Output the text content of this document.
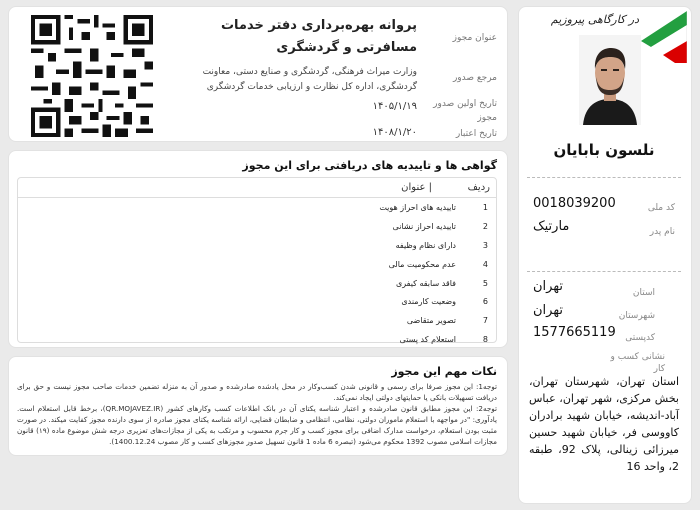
در کارگاهی پیروزیم
نلسون بابایان
کد ملی
0018039200
نام پدر
مارتیک
استان
تهران
شهرستان
تهران
کدپستی
1577665119
نشانی کسب و کار
استان تهران، شهرستان تهران، بخش مرکزی، شهر تهران، عباس آباد-اندیشه، خیابان شهید برادران کاووسی فر، خیابان شهید حسین میرزائی زینالی، پلاک 92، طبقه 2، واحد 16
عنوان مجوز
پروانه بهره‌برداری دفتر خدمات مسافرتی و گردشگری
مرجع صدور
وزارت میراث فرهنگی، گردشگری و صنایع دستی، معاونت گردشگری، اداره کل نظارت و ارزیابی خدمات گردشگری
تاریخ اولین صدور مجوز
۱۴۰۵/۱/۱۹
تاریخ اعتبار
۱۴۰۸/۱/۲۰
گواهی ها و تاییدیه های دریافتی برای این مجوز
ردیف
| عنوان
1
تاییدیه های احراز هویت
2
تاییدیه احراز نشانی
3
دارای نظام وظیفه
4
عدم محکومیت مالی
5
فاقد سابقه کیفری
6
وضعیت کارمندی
7
تصویر متقاضی
8
استعلام کد پستی
نکات مهم این مجوز

توجه1: این مجوز صرفا برای رسمی و قانونی شدن کسب‌‌و‌کار در محل یادشده صادرشده و صدور آن به منزله تضمین خدمات صاحب مجوز نیست و حق برای دریافت تسهیلات بانکی یا حمایتهای دولتی ایجاد نمی‌کند.

توجه2: این مجوز مطابق قانون صادرشده و اعتبار شناسه یکتای آن در بانک اطلاعات کسب وکارهای کشور (QR.MOJAVEZ.IR)، برخط قابل استعلام است. یادآوری: "در مواجهه با استعلام ماموران دولتی، نظامی، انتظامی و ضابطان قضایی، ارائه شناسه یکتای مجوز صادره از سوی دارنده مجوز کفایت میکند. در صورت مثبت بودن استعلام، درخواست مدارک اضافی برای مجوز کسب و کار جرم محسوب و مرتکب به یکی از مجازات‌های تعزیری درجه شش موضوع ماده (۱۹) قانون مجازات اسلامی مصوب 1392 محکوم می‌شود (تبصره 6 ماده 1 قانون تسهیل صدور مجوزهای کسب و کار مصوب 1400.12.24).
